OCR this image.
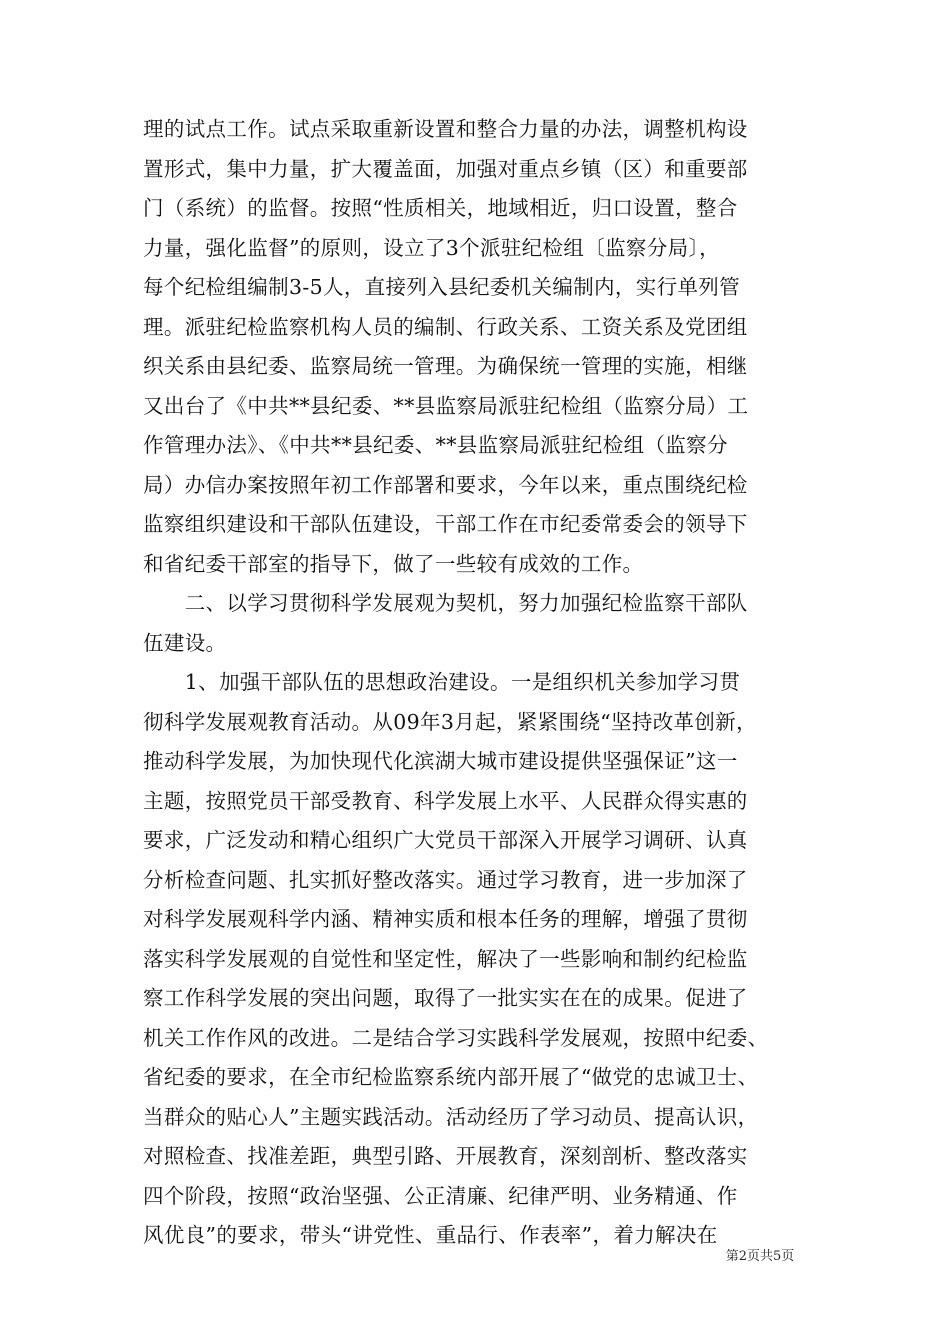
理的试点工作。试点采取重新设置和整合力量的办法，调整机构设
置形式，集中力量，扩大覆盖面，加强对重点乡镇（区）和重要部
门（系统）的监督。按照“性质相关，地域相近，归口设置，整合
力量，强化监督”的原则，设立了3个派驻纪检组〔监察分局〕，
每个纪检组编制3-5人，直接列入县纪委机关编制内，实行单列管
理。派驻纪检监察机构人员的编制、行政关系、工资关系及党团组
织关系由县纪委、监察局统一管理。为确保统一管理的实施，相继
又出台了《中共**县纪委、**县监察局派驻纪检组（监察分局）工
作管理办法》、《中共**县纪委、**县监察局派驻纪检组（监察分
局）办信办案按照年初工作部署和要求，今年以来，重点围绕纪检
监察组织建设和干部队伍建设，干部工作在市纪委常委会的领导下
和省纪委干部室的指导下，做了一些较有成效的工作。
　　二、以学习贯彻科学发展观为契机，努力加强纪检监察干部队
伍建设。
　　1、加强干部队伍的思想政治建设。一是组织机关参加学习贯
彻科学发展观教育活动。从09年3月起，紧紧围绕“坚持改革创新，
推动科学发展，为加快现代化滨湖大城市建设提供坚强保证”这一
主题，按照党员干部受教育、科学发展上水平、人民群众得实惠的
要求，广泛发动和精心组织广大党员干部深入开展学习调研、认真
分析检查问题、扎实抓好整改落实。通过学习教育，进一步加深了
对科学发展观科学内涵、精神实质和根本任务的理解，增强了贯彻
落实科学发展观的自觉性和坚定性，解决了一些影响和制约纪检监
察工作科学发展的突出问题，取得了一批实实在在的成果。促进了
机关工作作风的改进。二是结合学习实践科学发展观，按照中纪委、
省纪委的要求，在全市纪检监察系统内部开展了“做党的忠诚卫士、
当群众的贴心人”主题实践活动。活动经历了学习动员、提高认识，
对照检查、找准差距，典型引路、开展教育，深刻剖析、整改落实
四个阶段，按照“政治坚强、公正清廉、纪律严明、业务精通、作
风优良”的要求，带头“讲党性、重品行、作表率”，着力解决在
第2页共5页
